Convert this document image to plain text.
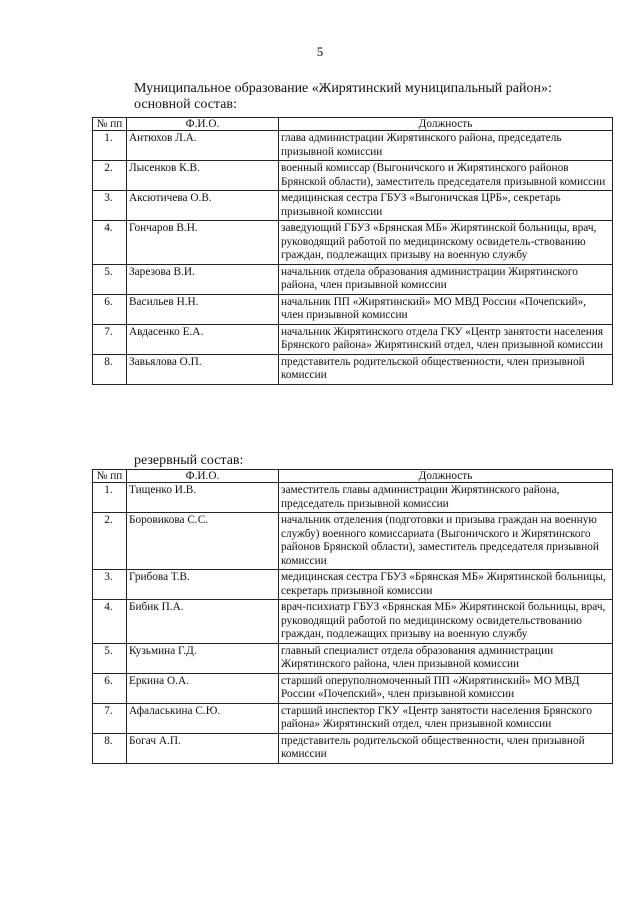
5
Муниципальное образование «Жирятинский муниципальный район»:
основной состав:
№ пп	Ф.И.О.	Должность
1.	Антюхов Л.А.	глава администрации Жирятинского района, председатель призывной комиссии
2.	Лысенков К.В.	военный комиссар (Выгоничского и Жирятинского районов Брянской области), заместитель председателя призывной комиссии
3.	Аксютичева О.В.	медицинская сестра ГБУЗ «Выгоничская ЦРБ», секретарь призывной комиссии
4.	Гончаров В.Н.	заведующий ГБУЗ «Брянская МБ» Жирятинской больницы, врач, руководящий работой по медицинскому освидетель-ствованию граждан, подлежащих призыву на военную службу
5.	Зарезова В.И.	начальник отдела образования администрации Жирятинского района, член призывной комиссии
6.	Васильев Н.Н.	начальник ПП «Жирятинский» МО МВД России «Почепский», член призывной комиссии
7.	Авдасенко Е.А.	начальник Жирятинского отдела ГКУ «Центр занятости населения Брянского района» Жирятинский отдел, член призывной комиссии
8.	Завьялова О.П.	представитель родительской общественности, член призывной комиссии
резервный состав:
№ пп	Ф.И.О.	Должность
1.	Тищенко И.В.	заместитель главы администрации Жирятинского района, председатель призывной комиссии
2.	Боровикова С.С.	начальник отделения (подготовки и призыва граждан на военную службу) военного комиссариата (Выгоничского и Жирятинского районов Брянской области), заместитель председателя призывной комиссии
3.	Грибова Т.В.	медицинская сестра ГБУЗ «Брянская МБ» Жирятинской больницы, секретарь призывной комиссии
4.	Бибик П.А.	врач-психиатр ГБУЗ «Брянская МБ» Жирятинской больницы, врач, руководящий работой по медицинскому освидетельствованию граждан, подлежащих призыву на военную службу
5.	Кузьмина Г.Д.	главный специалист отдела образования администрации Жирятинского района, член призывной комиссии
6.	Еркина О.А.	старший оперуполномоченный ПП «Жирятинский» МО МВД России «Почепский», член призывной комиссии
7.	Афаласькина С.Ю.	старший инспектор ГКУ «Центр занятости населения Брянского района» Жирятинский отдел, член призывной комиссии
8.	Богач А.П.	представитель родительской общественности, член призывной комиссии
